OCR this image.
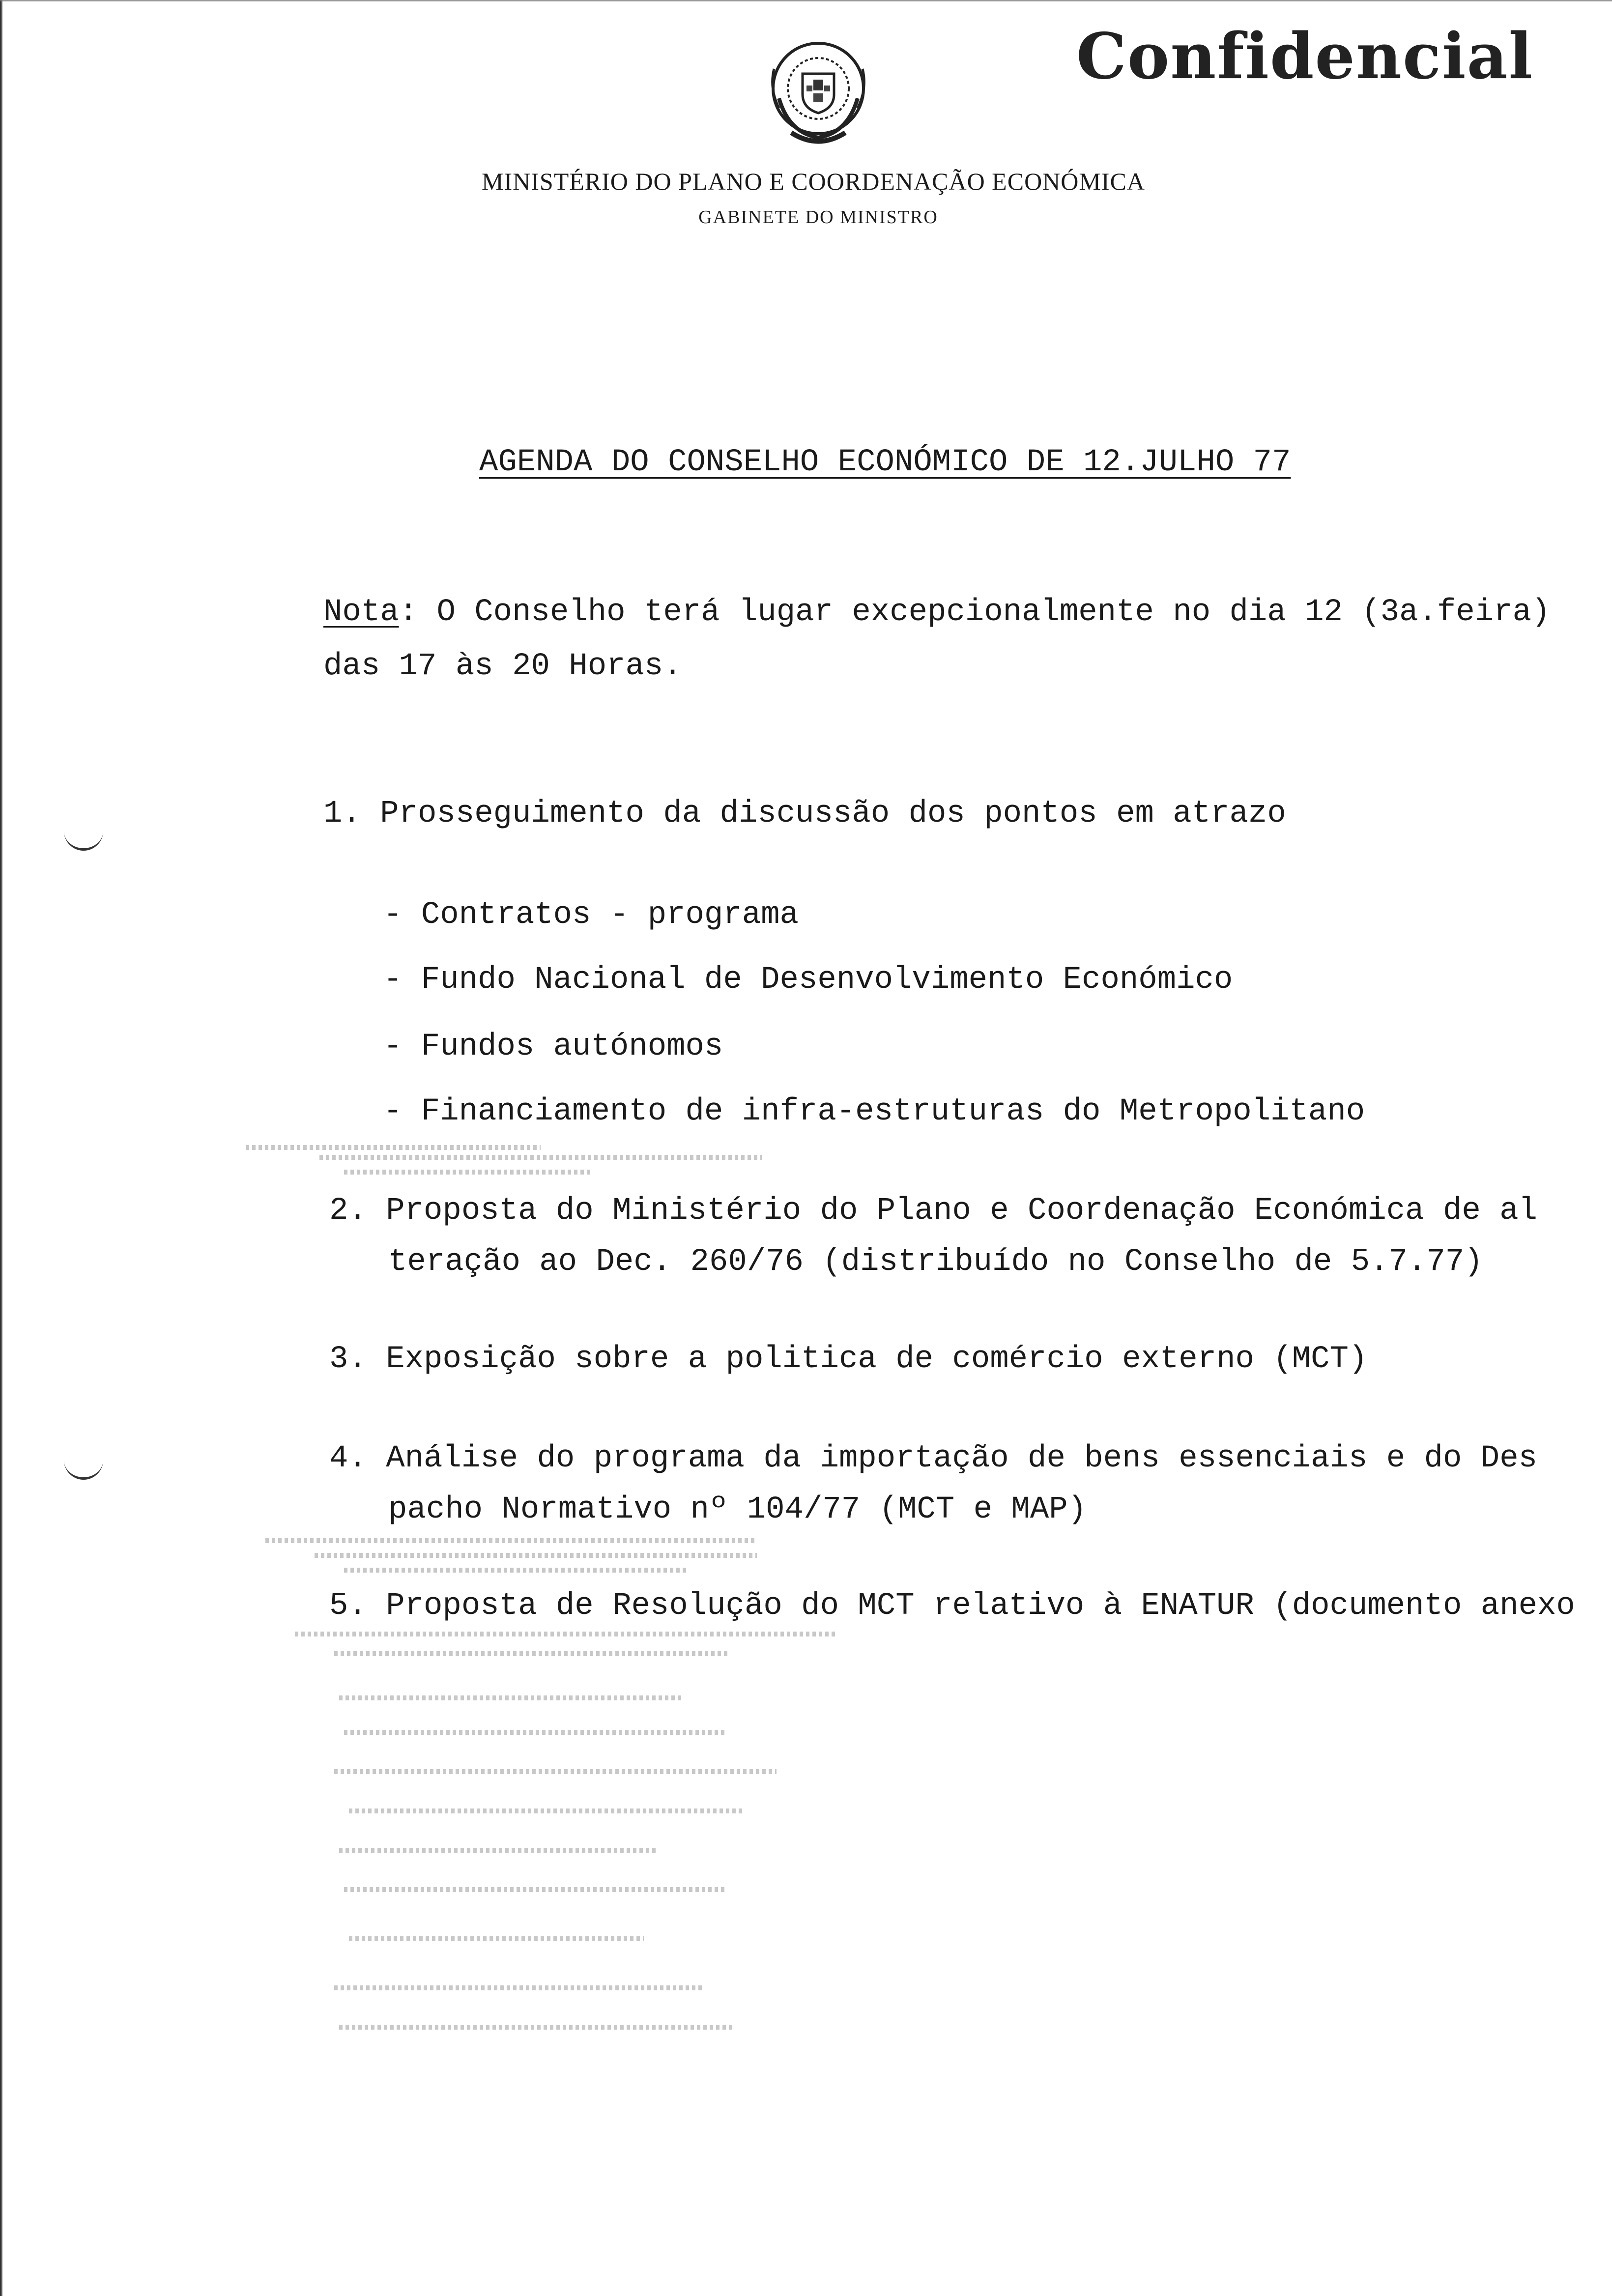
Confidencial
MINISTÉRIO DO PLANO E COORDENAÇÃO ECONÓMICA
GABINETE DO MINISTRO
AGENDA DO CONSELHO ECONÓMICO DE 12.JULHO 77
Nota: O Conselho terá lugar excepcionalmente no dia 12 (3a.feira)
das 17 às 20 Horas.
1. Prosseguimento da discussão dos pontos em atrazo
- Contratos - programa
- Fundo Nacional de Desenvolvimento Económico
- Fundos autónomos
- Financiamento de infra-estruturas do Metropolitano
2. Proposta do Ministério do Plano e Coordenação Económica de al
teração ao Dec. 260/76 (distribuído no Conselho de 5.7.77)
3. Exposição sobre a politica de comércio externo (MCT)
4. Análise do programa da importação de bens essenciais e do Des
pacho Normativo nº 104/77 (MCT e MAP)
5. Proposta de Resolução do MCT relativo à ENATUR (documento anexo
